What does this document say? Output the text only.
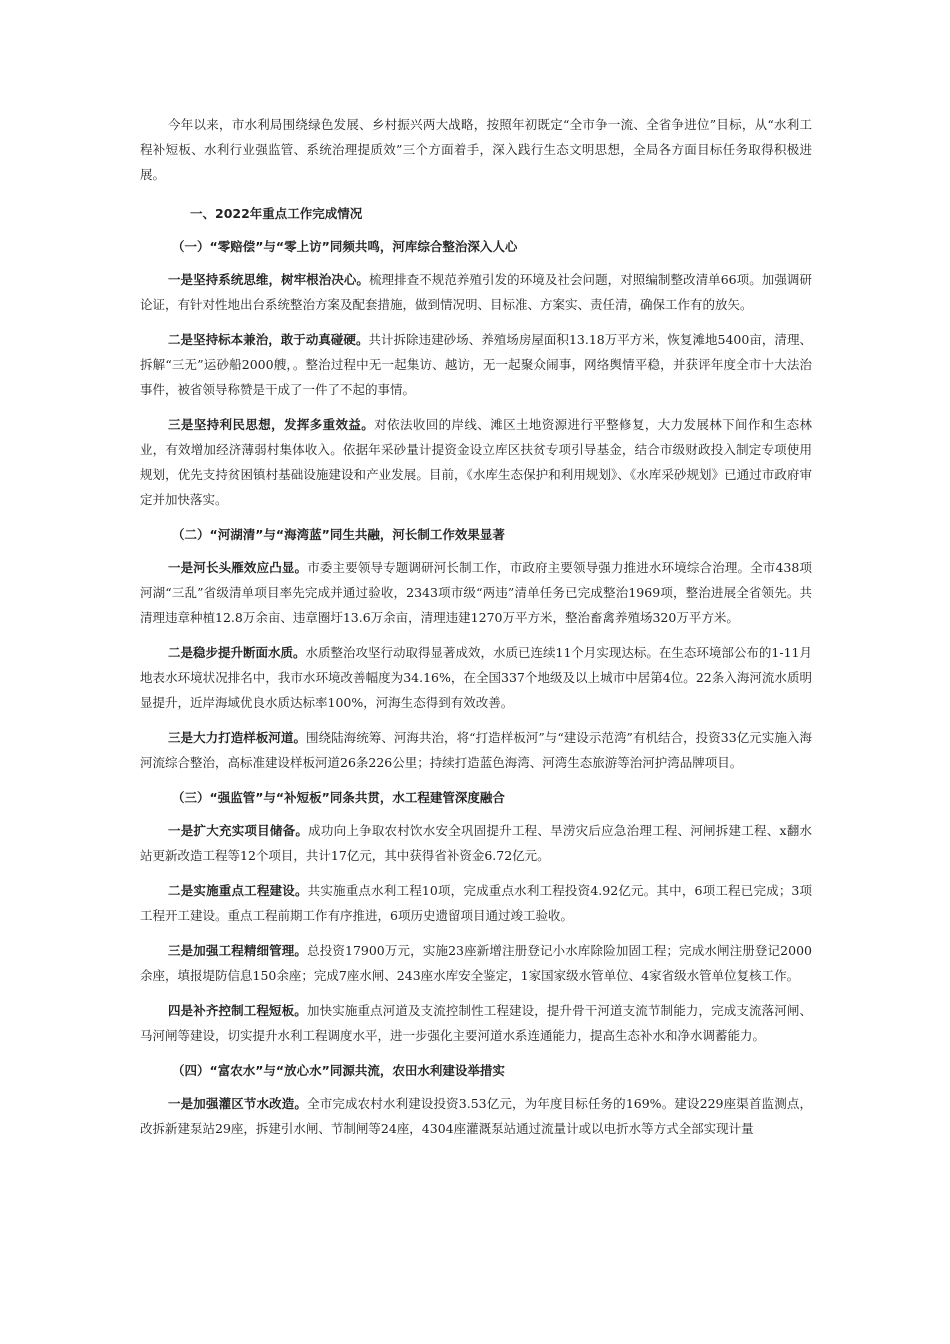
今年以来，市水利局围绕绿色发展、乡村振兴两大战略，按照年初既定“全市争一流、全省争进位”目标，从“水利工程补短板、水利行业强监管、系统治理提质效”三个方面着手，深入践行生态文明思想，全局各方面目标任务取得积极进展。

一、2022年重点工作完成情况

（一）“零赔偿”与“零上访”同频共鸣，河库综合整治深入人心

一是坚持系统思维，树牢根治决心。梳理排查不规范养殖引发的环境及社会问题，对照编制整改清单66项。加强调研论证，有针对性地出台系统整治方案及配套措施，做到情况明、目标准、方案实、责任清，确保工作有的放矢。

二是坚持标本兼治，敢于动真碰硬。共计拆除违建砂场、养殖场房屋面积13.18万平方米，恢复滩地5400亩，清理、拆解“三无”运砂船2000艘，。整治过程中无一起集访、越访，无一起聚众闹事，网络舆情平稳，并获评年度全市十大法治事件，被省领导称赞是干成了一件了不起的事情。

三是坚持利民思想，发挥多重效益。对依法收回的岸线、滩区土地资源进行平整修复，大力发展林下间作和生态林业，有效增加经济薄弱村集体收入。依据年采砂量计提资金设立库区扶贫专项引导基金，结合市级财政投入制定专项使用规划，优先支持贫困镇村基础设施建设和产业发展。目前，《水库生态保护和利用规划》、《水库采砂规划》已通过市政府审定并加快落实。

（二）“河湖清”与“海湾蓝”同生共融，河长制工作效果显著

一是河长头雁效应凸显。市委主要领导专题调研河长制工作，市政府主要领导强力推进水环境综合治理。全市438项河湖“三乱”省级清单项目率先完成并通过验收，2343项市级“两违”清单任务已完成整治1969项，整治进展全省领先。共清理违章种植12.8万余亩、违章圈圩13.6万余亩，清理违建1270万平方米，整治畜禽养殖场320万平方米。

二是稳步提升断面水质。水质整治攻坚行动取得显著成效，水质已连续11个月实现达标。在生态环境部公布的1-11月地表水环境状况排名中，我市水环境改善幅度为34.16%，在全国337个地级及以上城市中居第4位。22条入海河流水质明显提升，近岸海域优良水质达标率100%，河海生态得到有效改善。

三是大力打造样板河道。围绕陆海统筹、河海共治，将“打造样板河”与“建设示范湾”有机结合，投资33亿元实施入海河流综合整治，高标准建设样板河道26条226公里；持续打造蓝色海湾、河湾生态旅游等治河护湾品牌项目。

（三）“强监管”与“补短板”同条共贯，水工程建管深度融合

一是扩大充实项目储备。成功向上争取农村饮水安全巩固提升工程、旱涝灾后应急治理工程、河闸拆建工程、x翻水站更新改造工程等12个项目，共计17亿元，其中获得省补资金6.72亿元。

二是实施重点工程建设。共实施重点水利工程10项，完成重点水利工程投资4.92亿元。其中，6项工程已完成；3项工程开工建设。重点工程前期工作有序推进，6项历史遗留项目通过竣工验收。

三是加强工程精细管理。总投资17900万元，实施23座新增注册登记小水库除险加固工程；完成水闸注册登记2000余座，填报堤防信息150余座；完成7座水闸、243座水库安全鉴定，1家国家级水管单位、4家省级水管单位复核工作。

四是补齐控制工程短板。加快实施重点河道及支流控制性工程建设，提升骨干河道支流节制能力，完成支流落河闸、马河闸等建设，切实提升水利工程调度水平，进一步强化主要河道水系连通能力，提高生态补水和净水调蓄能力。

（四）“富农水”与“放心水”同源共流，农田水利建设举措实

一是加强灌区节水改造。全市完成农村水利建设投资3.53亿元，为年度目标任务的169%。建设229座渠首监测点，改拆新建泵站29座，拆建引水闸、节制闸等24座，4304座灌溉泵站通过流量计或以电折水等方式全部实现计量
